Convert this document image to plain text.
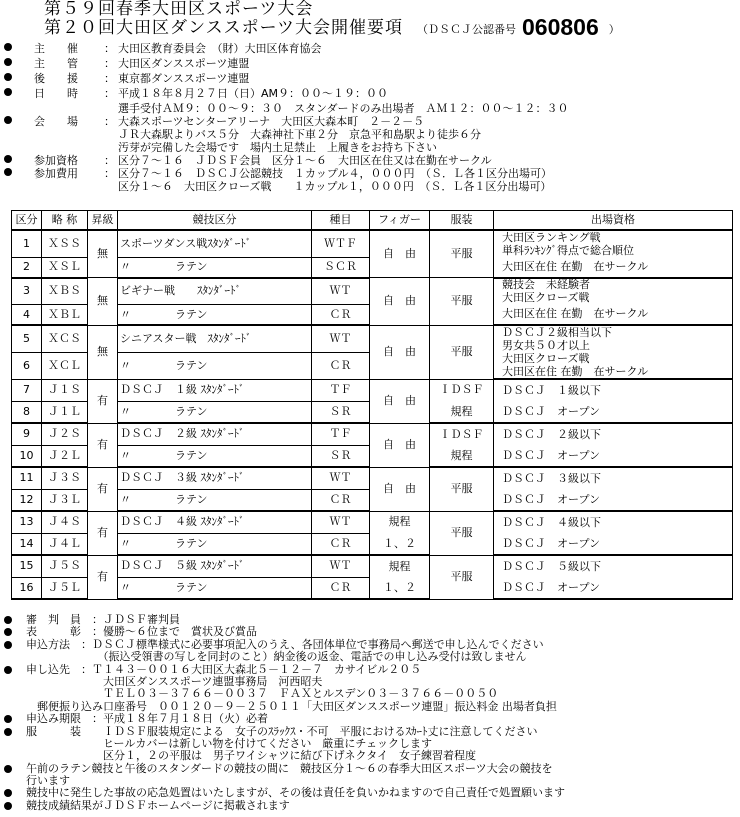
第５９回春季大田区スポーツ大会
第２０回大田区ダンススポーツ大会開催要項 （ＤＳＣＪ公認番号 060806 ）
主　　催 ： 大田区教育委員会　（財）大田区体育協会
主　　管 ： 大田区ダンススポーツ連盟
後　　援 ： 東京都ダンススポーツ連盟
日　　時 ： 平成１８年８月２７日（日）AM９：００～１９：００
選手受付ＡＭ９：００～９：３０　スタンダードのみ出場者　ＡＭ１２：００～１２：３０
会　　場 ： 大森スポーツセンターアリーナ　大田区大森本町　２－２－５
ＪＲ大森駅よりバス５分　大森神社下車２分　京急平和島駅より徒歩６分
汚芽が完備した会場です　場内土足禁止　上履きをお持ち下さい
参加資格 ： 区分７～１６　ＪＤＳＦ会員　区分１～６　大田区在住又は在勤在サークル
参加費用 ： 区分７～１６　ＤＳＣＪ公認競技　１カップル４，０００円　（Ｓ．Ｌ各１区分出場可）
区分１～６　大田区クローズ戦　　１カップル１，０００円　（Ｓ．Ｌ各１区分出場可）
区分	略 称	昇級	競技区分	種目	フィガー	服装	出場資格
1	ＸＳＳ	無	スポーツダンス戦ｽﾀﾝﾀﾞｰﾄﾞ	ＷＴＦ	自　由	平服	大田区ランキング戦
							単科ﾗﾝｷﾝｸﾞ得点で総合順位
2	ＸＳＬ		〃　　　　ラテン	ＳＣＲ			大田区在住 在勤　在サークル
3	ＸＢＳ	無	ビギナー戦　　ｽﾀﾝﾀﾞｰﾄﾞ	ＷＴ	自　由	平服	競技会　未経験者
							大田区クローズ戦
4	ＸＢＬ		〃　　　　ラテン	ＣＲ			大田区在住 在勤　在サークル
5	ＸＣＳ	無	シニアスター戦　ｽﾀﾝﾀﾞｰﾄﾞ	ＷＴ	自　由	平服	ＤＳＣＪ２級相当以下
							男女共５０才以上
6	ＸＣＬ		〃　　　　ラテン	ＣＲ			大田区クローズ戦
							大田区在住 在勤　在サークル
7	Ｊ１Ｓ	有	ＤＳＣＪ　１級 ｽﾀﾝﾀﾞｰﾄﾞ	ＴＦ	自　由	ＩＤＳＦ	ＤＳＣＪ　１級以下
8	Ｊ１Ｌ		〃　　　　ラテン	ＳＲ		規程	ＤＳＣＪ　オープン
9	Ｊ２Ｓ	有	ＤＳＣＪ　２級 ｽﾀﾝﾀﾞｰﾄﾞ	ＴＦ	自　由	ＩＤＳＦ	ＤＳＣＪ　２級以下
10	Ｊ２Ｌ		〃　　　　ラテン	ＳＲ		規程	ＤＳＣＪ　オープン
11	Ｊ３Ｓ	有	ＤＳＣＪ　３級 ｽﾀﾝﾀﾞｰﾄﾞ	ＷＴ	自　由	平服	ＤＳＣＪ　３級以下
12	Ｊ３Ｌ		〃　　　　ラテン	ＣＲ			ＤＳＣＪ　オープン
13	Ｊ４Ｓ	有	ＤＳＣＪ　４級 ｽﾀﾝﾀﾞｰﾄﾞ	ＷＴ	規程	平服	ＤＳＣＪ　４級以下
14	Ｊ４Ｌ		〃　　　　ラテン	ＣＲ	１、２		ＤＳＣＪ　オープン
15	Ｊ５Ｓ	有	ＤＳＣＪ　５級 ｽﾀﾝﾀﾞｰﾄﾞ	ＷＴ	規程	平服	ＤＳＣＪ　５級以下
16	Ｊ５Ｌ		〃　　　　ラテン	ＣＲ	１、２		ＤＳＣＪ　オープン
審　判　員　：ＪＤＳＦ審判員
表　　　彰　：優勝～６位まで　賞状及び賞品
申込方法　：ＤＳＣＪ標準様式に必要事項記入のうえ、各団体単位で事務局へ郵送で申し込んでください
　　　　　　　（振込受領書の写しを同封のこと）納金後の返金、電話での申し込み受付は致しません
申し込先　：Ｔ１４３－００１６大田区大森北５－１２－７　カサイビル２０５
　　　　　　　大田区ダンススポーツ連盟事務局　河西昭夫
　　　　　　　ＴＥＬ０３－３７６６－００３７　ＦＡＸとルスデン０３－３７６６－００５０
　郵便振り込み口座番号　００１２０－９－２５０１１「大田区ダンススポーツ連盟」振込料金 出場者負担
申込み期限　：平成１８年７月１８日（火）必着
服　　　装　　ＩＤＳＦ服装規定による　女子のｽﾗｯｸｽ・不可　平服におけるｽｶｰﾄ丈に注意してください
　　　　　　　ヒールカバーは新しい物を付けてください　厳重にチェックします
　　　　　　　区分１，２の平服は　男子ワイシャツに結び下げネクタイ　女子練習着程度
午前のラテン競技と午後のスタンダードの競技の間に　競技区分１～６の春季大田区スポーツ大会の競技を
行います
競技中に発生した事故の応急処置はいたしますが、その後は責任を負いかねますので自己責任で処置願います
競技成績結果がＪＤＳＦホームページに掲載されます
